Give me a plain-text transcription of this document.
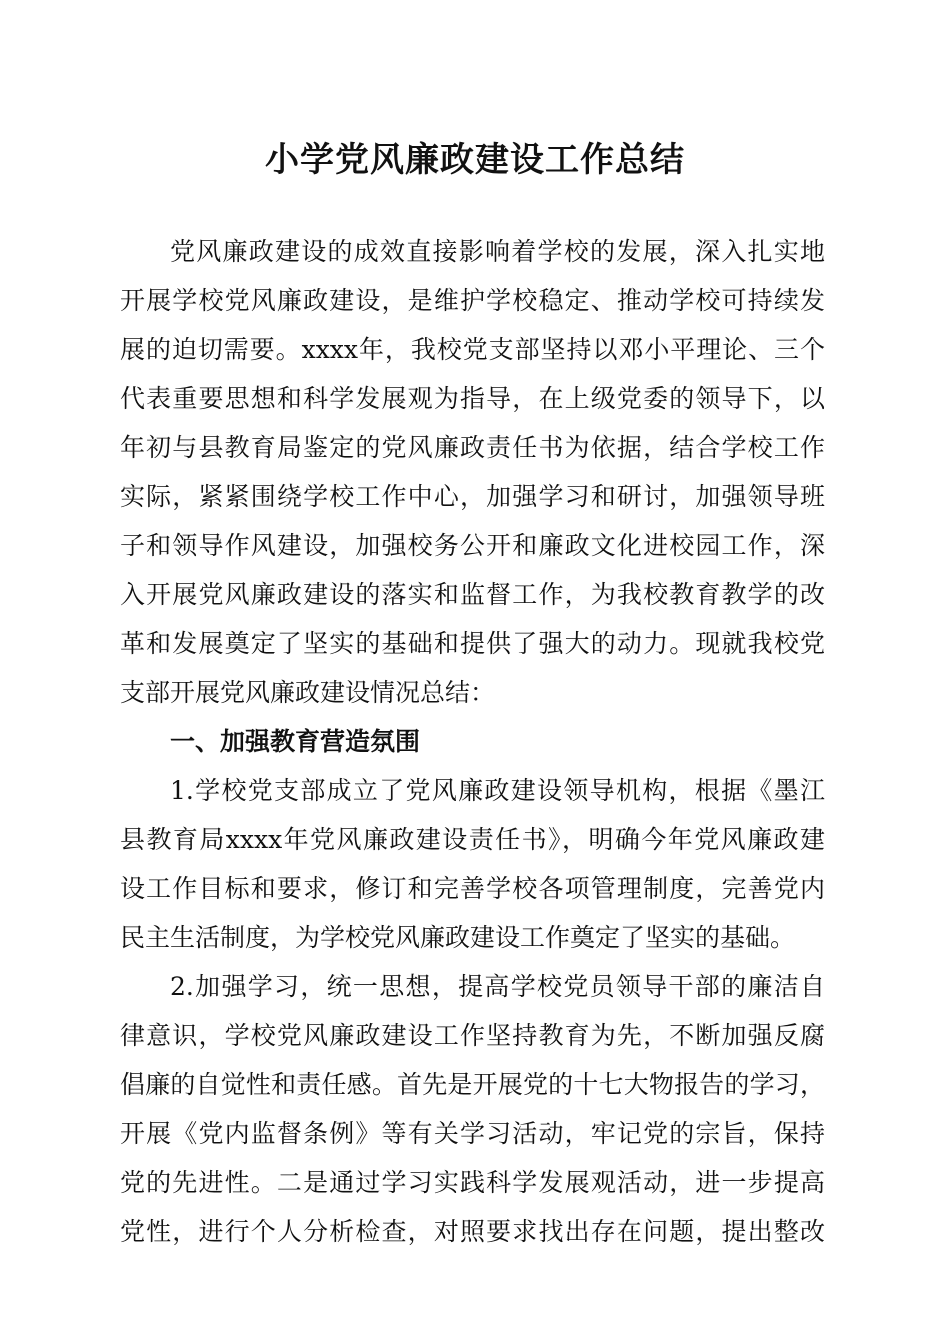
小学党风廉政建设工作总结
党风廉政建设的成效直接影响着学校的发展，深入扎实地
开展学校党风廉政建设，是维护学校稳定、推动学校可持续发
展的迫切需要。xxxx年，我校党支部坚持以邓小平理论、三个
代表重要思想和科学发展观为指导，在上级党委的领导下，以
年初与县教育局鉴定的党风廉政责任书为依据，结合学校工作
实际，紧紧围绕学校工作中心，加强学习和研讨，加强领导班
子和领导作风建设，加强校务公开和廉政文化进校园工作，深
入开展党风廉政建设的落实和监督工作，为我校教育教学的改
革和发展奠定了坚实的基础和提供了强大的动力。现就我校党
支部开展党风廉政建设情况总结：
一、加强教育营造氛围
1.学校党支部成立了党风廉政建设领导机构，根据《墨江
县教育局xxxx年党风廉政建设责任书》，明确今年党风廉政建
设工作目标和要求，修订和完善学校各项管理制度，完善党内
民主生活制度，为学校党风廉政建设工作奠定了坚实的基础。
2.加强学习，统一思想，提高学校党员领导干部的廉洁自
律意识，学校党风廉政建设工作坚持教育为先，不断加强反腐
倡廉的自觉性和责任感。首先是开展党的十七大物报告的学习，
开展《党内监督条例》等有关学习活动，牢记党的宗旨，保持
党的先进性。二是通过学习实践科学发展观活动，进一步提高
党性，进行个人分析检查，对照要求找出存在问题，提出整改
